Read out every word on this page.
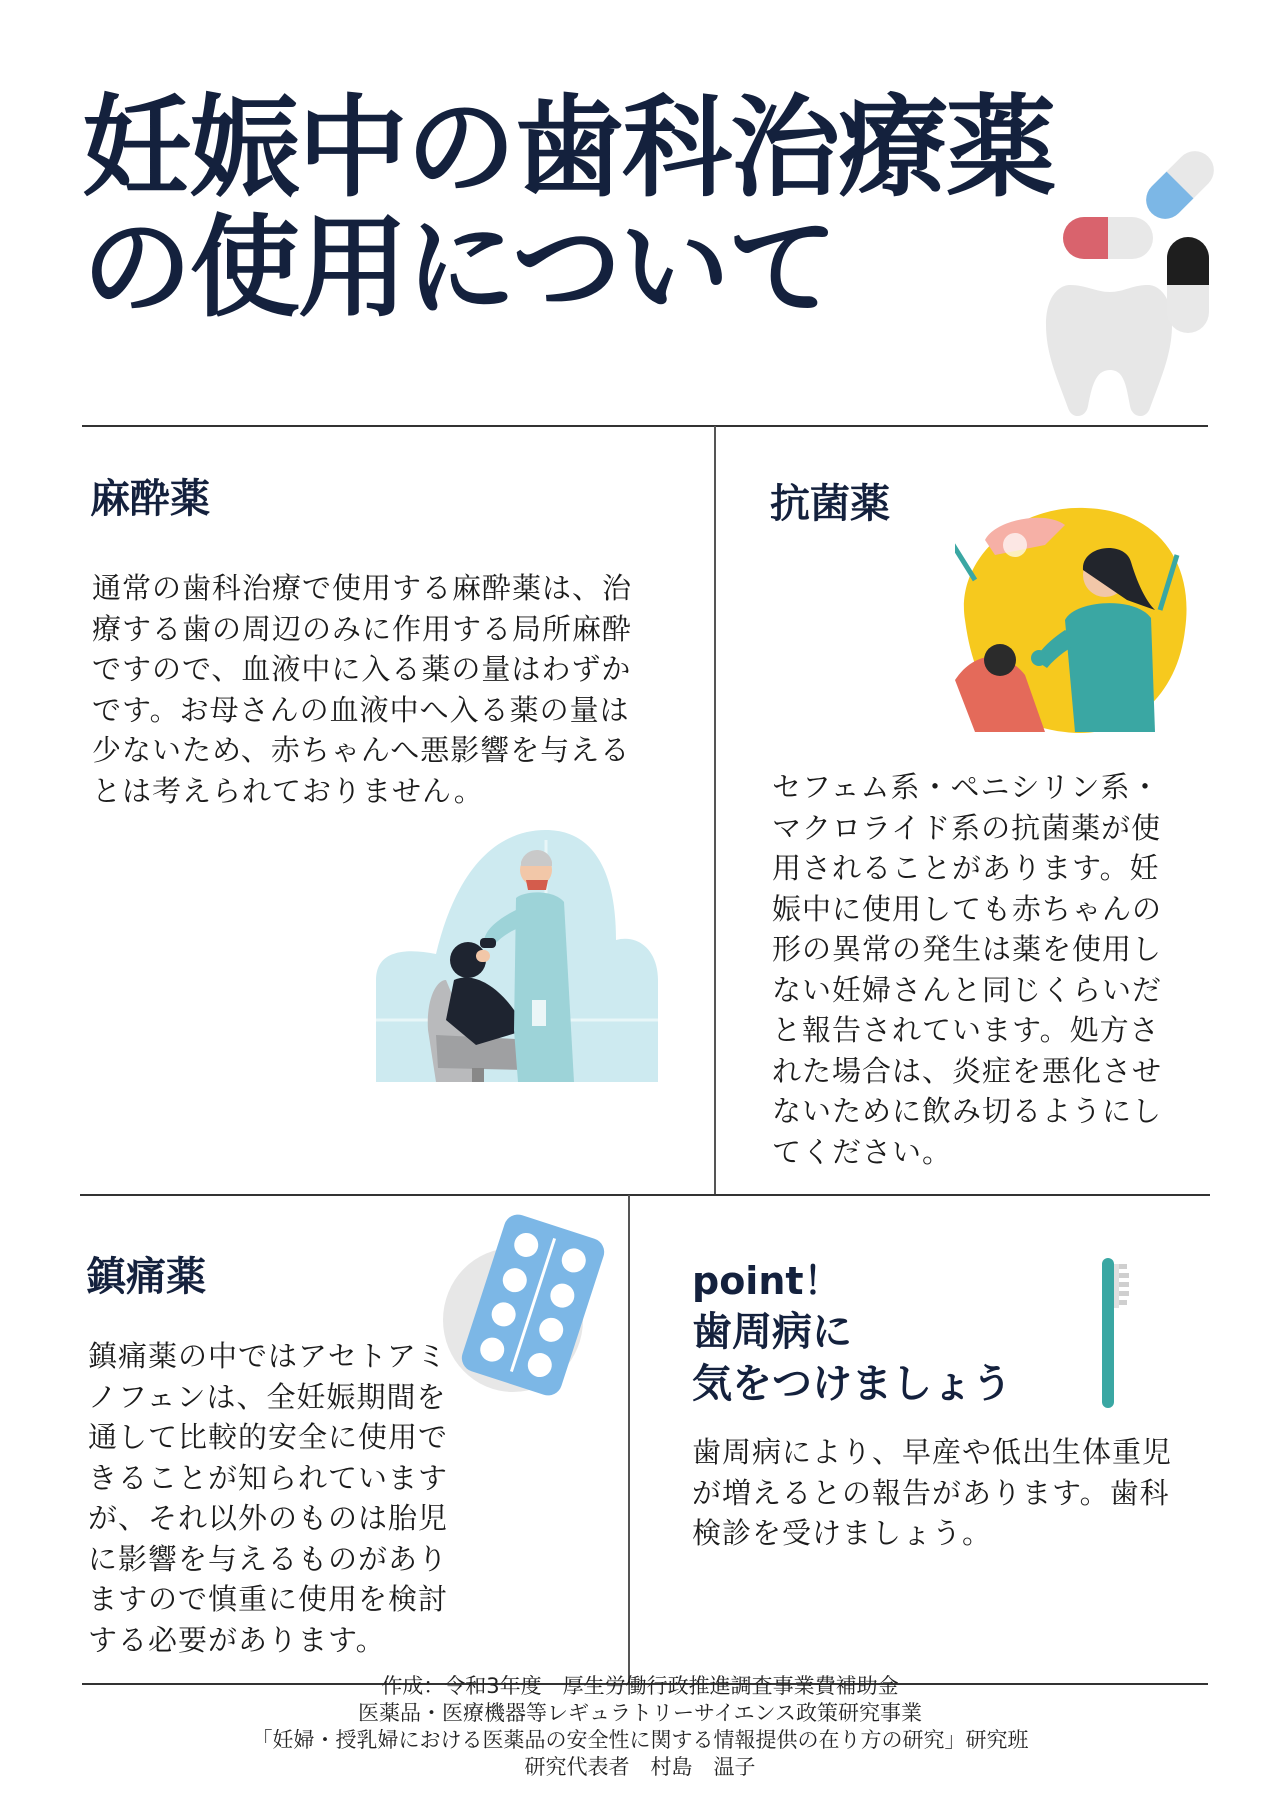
妊娠中の歯科治療薬
の使用について
麻酔薬
通常の歯科治療で使用する麻酔薬は、治
療する歯の周辺のみに作用する局所麻酔
ですので、血液中に入る薬の量はわずか
です。お母さんの血液中へ入る薬の量は
少ないため、赤ちゃんへ悪影響を与える
とは考えられておりません。
抗菌薬
セフェム系・ペニシリン系・
マクロライド系の抗菌薬が使
用されることがあります。妊
娠中に使用しても赤ちゃんの
形の異常の発生は薬を使用し
ない妊婦さんと同じくらいだ
と報告されています。処方さ
れた場合は、炎症を悪化させ
ないために飲み切るようにし
てください。
鎮痛薬
鎮痛薬の中ではアセトアミ
ノフェンは、全妊娠期間を
通して比較的安全に使用で
きることが知られています
が、それ以外のものは胎児
に影響を与えるものがあり
ますので慎重に使用を検討
する必要があります。
point！
歯周病に
気をつけましょう
歯周病により、早産や低出生体重児
が増えるとの報告があります。歯科
検診を受けましょう。
作成：令和3年度　厚生労働行政推進調査事業費補助金
医薬品・医療機器等レギュラトリーサイエンス政策研究事業
「妊婦・授乳婦における医薬品の安全性に関する情報提供の在り方の研究」研究班
研究代表者　村島　温子
